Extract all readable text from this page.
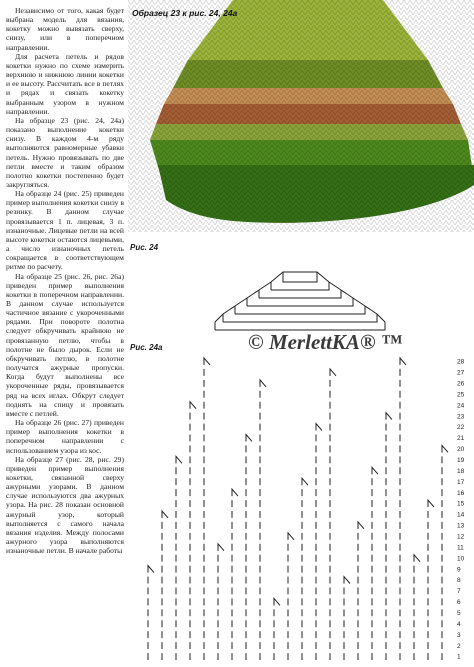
Независимо от того, какая будет выбрана модель для вязания, кокетку можно вывязать сверху, снизу, или в поперечном направлении.

Для расчета петель и рядов кокетки нужно по схеме измерить верхнюю и нижнюю линии кокетки и ее высоту. Рассчитать все в петлях и рядах и связать кокетку выбранным узором в нужном направлении.

На образце 23 (рис. 24, 24а) показано выполнение кокетки снизу. В каждом 4-м ряду выполняются равномерные убавки петель. Нужно провязывать по две петли вместе и таким образом полотно кокетки постепенно будет закругляться.

На образце 24 (рис. 25) приведен пример выполнения кокетки снизу в резинку. В данном случае провязывается 1 п. лицевая, 3 п. изнаночные. Лицевые петли на всей высоте кокетки остаются лицевыми, а число изнаночных петель сокращается в соответствующем ритме по расчету.

На образце 25 (рис. 26, рис. 26а) приведен пример выполнения кокетки в поперечном направлении. В данном случае используется частичное вязание с укороченными рядами. При повороте полотна следует обкручивать крайнюю не провязанную петлю, чтобы в полотне не было дырок. Если не обкручивать петлю, в полотне получатся ажурные пропуски. Когда будут выполнены все укороченные ряды, провязывается ряд на всех иглах. Обкрут следует поднять на спицу и провязать вместе с петлей.

На образце 26 (рис. 27) приведен пример выполнения кокетки в поперечном направлении с использованием узора из кос.

На образце 27 (рис. 28, рис. 29) приведен пример выполнения кокетки, связанной сверху ажурными узорами. В данном случае используются два ажурных узора. На рис. 28 показан основной ажурный узор, который выполняется с самого начала вязания изделия. Между полосами ажурного узора выполняются изнаночные петли. В начале работы

Образец 23 к рис. 24, 24а
Рис. 24
Рис. 24а	© MerlettKA® ™
28
27
26
25
24
23
22
21
20
19
18
17
16
15
14
13
12
11
10
9
8
7
6
5
4
3
2
1
